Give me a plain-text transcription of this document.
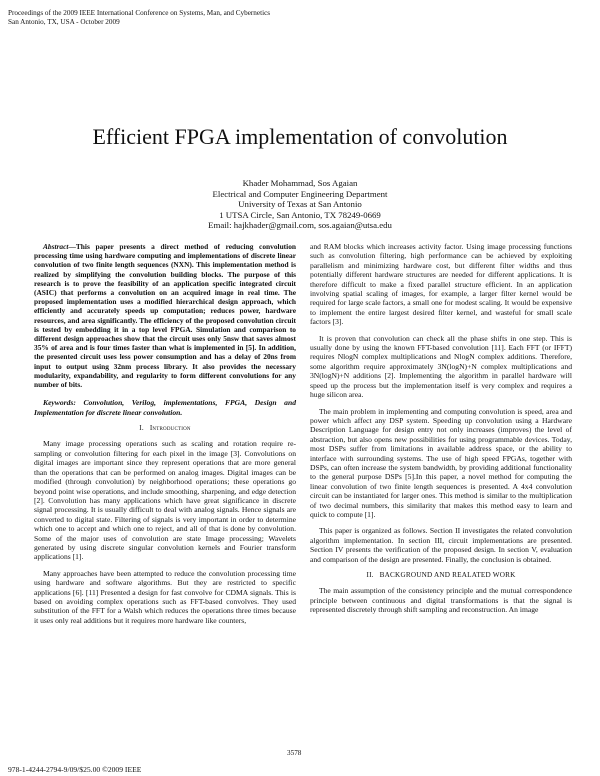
Proceedings of the 2009 IEEE International Conference on Systems, Man, and Cybernetics
San Antonio, TX, USA - October 2009
Efficient FPGA implementation of convolution
Khader Mohammad, Sos Agaian
Electrical and Computer Engineering Department
University of Texas at San Antonio
1 UTSA Circle, San Antonio, TX 78249-0669
Email: hajkhader@gmail.com, sos.agaian@utsa.edu

Abstract—This paper presents a direct method of reducing convolution processing time using hardware computing and implementations of discrete linear convolution of two finite length sequences (NXN). This implementation method is realized by simplifying the convolution building blocks. The purpose of this research is to prove the feasibility of an application specific integrated circuit (ASIC) that performs a convolution on an acquired image in real time. The proposed implementation uses a modified hierarchical design approach, which efficiently and accurately speeds up computation; reduces power, hardware resources, and area significantly. The efficiency of the proposed convolution circuit is tested by embedding it in a top level FPGA. Simulation and comparison to different design approaches show that the circuit uses only 5nsw that saves almost 35% of area and is four times faster than what is implemented in [5]. In addition, the presented circuit uses less power consumption and has a delay of 20ns from input to output using 32nm process library. It also provides the necessary modularity, expandability, and regularity to form different convolutions for any number of bits.

Keywords: Convolution, Verilog, implementations, FPGA, Design and Implementation for discrete linear convolution.

I. Introduction

Many image processing operations such as scaling and rotation require re-sampling or convolution filtering for each pixel in the image [3]. Convolutions on digital images are important since they represent operations that are more general than the operations that can be performed on analog images. Digital images can be modified (through convolution) by neighborhood operations; these operations go beyond point wise operations, and include smoothing, sharpening, and edge detection [2]. Convolution has many applications which have great significance in discrete signal processing. It is usually difficult to deal with analog signals. Hence signals are converted to digital state. Filtering of signals is very important in order to determine which one to accept and which one to reject, and all of that is done by convolution. Some of the major uses of convolution are state Image processing; Wavelets generated by using discrete singular convolution kernels and Fourier transform applications [1].

Many approaches have been attempted to reduce the convolution processing time using hardware and software algorithms. But they are restricted to specific applications [6]. [11] Presented a design for fast convolve for CDMA signals. This is based on avoiding complex operations such as FFT-based convolves. They used substitution of the FFT for a Walsh which reduces the operations three times because it uses only real additions but it requires more hardware like counters,

and RAM blocks which increases activity factor. Using image processing functions such as convolution filtering, high performance can be achieved by exploiting parallelism and minimizing hardware cost, but different filter widths and thus potentially different hardware structures are needed for different applications. It is therefore difficult to make a fixed parallel structure efficient. In an application involving spatial scaling of images, for example, a larger filter kernel would be required for large scale factors, a small one for modest scaling. It would be expensive to implement the entire largest desired filter kernel, and wasteful for small scale factors [3].

It is proven that convolution can check all the phase shifts in one step. This is usually done by using the known FFT-based convolution [11]. Each FFT (or IFFT) requires NlogN complex multiplications and NlogN complex additions. Therefore, some algorithm require approximately 3N(logN)+N complex multiplications and 3N(logN)+N additions [2]. Implementing the algorithm in parallel hardware will speed up the process but the implementation itself is very complex and requires a huge silicon area.

The main problem in implementing and computing convolution is speed, area and power which affect any DSP system. Speeding up convolution using a Hardware Description Language for design entry not only increases (improves) the level of abstraction, but also opens new possibilities for using programmable devices. Today, most DSPs suffer from limitations in available address space, or the ability to interface with surrounding systems. The use of high speed FPGAs, together with DSPs, can often increase the system bandwidth, by providing additional functionality to the general purpose DSPs [5].In this paper, a novel method for computing the linear convolution of two finite length sequences is presented. A 4x4 convolution circuit can be instantiated for larger ones. This method is similar to the multiplication of two decimal numbers, this similarity that makes this method easy to learn and quick to compute [1].

This paper is organized as follows. Section II investigates the related convolution algorithm implementation. In section III, circuit implementations are presented. Section IV presents the verification of the proposed design. In section V, evaluation and comparison of the design are presented. Finally, the conclusion is obtained.

II. BACKGROUND AND REALATED WORK

The main assumption of the consistency principle and the mutual correspondence principle between continuous and digital transformations is that the signal is represented discretely through shift sampling and reconstruction. An image

3578
978-1-4244-2794-9/09/$25.00 ©2009 IEEE
